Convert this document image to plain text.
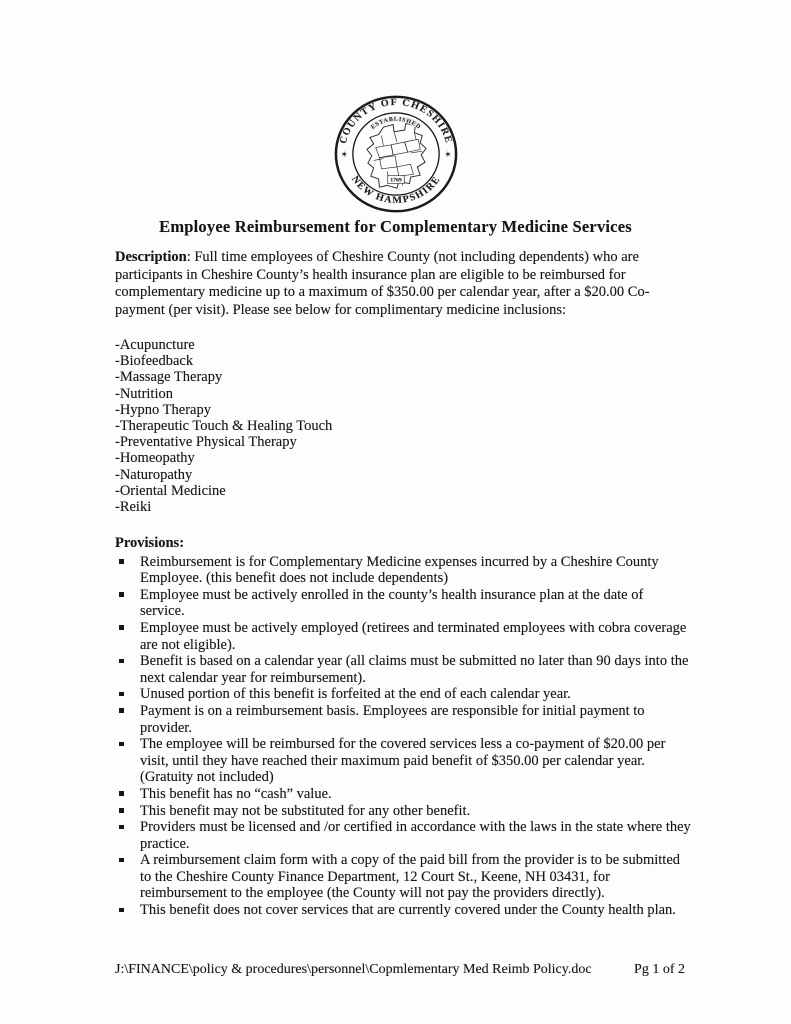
COUNTY OF CHESHIRE
NEW HAMPSHIRE
✶	✶
ESTABLISHED
1769
Employee Reimbursement for Complementary Medicine Services

Description: Full time employees of Cheshire County (not including dependents) who are participants in Cheshire County’s health insurance plan are eligible to be reimbursed for complementary medicine up to a maximum of $350.00 per calendar year, after a $20.00 Co-payment (per visit). Please see below for complimentary medicine inclusions:

-Acupuncture
-Biofeedback
-Massage Therapy
-Nutrition
-Hypno Therapy
-Therapeutic Touch & Healing Touch
-Preventative Physical Therapy
-Homeopathy
-Naturopathy
-Oriental Medicine
-Reiki
Provisions:
Reimbursement is for Complementary Medicine expenses incurred by a Cheshire County Employee. (this benefit does not include dependents)
Employee must be actively enrolled in the county’s health insurance plan at the date of service.
Employee must be actively employed (retirees and terminated employees with cobra coverage are not eligible).
Benefit is based on a calendar year (all claims must be submitted no later than 90 days into the next calendar year for reimbursement).
Unused portion of this benefit is forfeited at the end of each calendar year.
Payment is on a reimbursement basis. Employees are responsible for initial payment to provider.
The employee will be reimbursed for the covered services less a co-payment of $20.00 per visit, until they have reached their maximum paid benefit of $350.00 per calendar year. (Gratuity not included)
This benefit has no “cash” value.
This benefit may not be substituted for any other benefit.
Providers must be licensed and /or certified in accordance with the laws in the state where they practice.
A reimbursement claim form with a copy of the paid bill from the provider is to be submitted to the Cheshire County Finance Department, 12 Court St., Keene, NH 03431, for reimbursement to the employee (the County will not pay the providers directly).
This benefit does not cover services that are currently covered under the County health plan.
J:\FINANCE\policy & procedures\personnel\Copmlementary Med Reimb Policy.doc	Pg 1 of 2
